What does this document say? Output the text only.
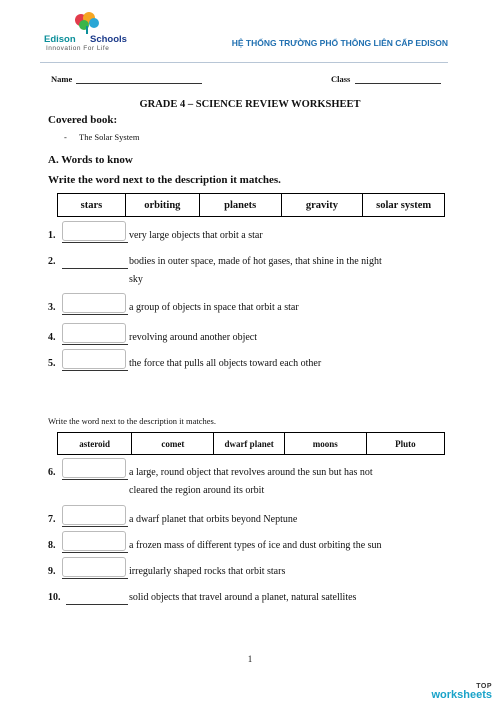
Edison Schools
Innovation For Life
HỆ THỐNG TRƯỜNG PHỔ THÔNG LIÊN CẤP EDISON
Name	Class
GRADE 4 – SCIENCE REVIEW WORKSHEET
Covered book:
- The Solar System
A. Words to know
Write the word next to the description it matches.
stars	orbiting	planets	gravity	solar system
1.	very large objects that orbit a star
2.	bodies in outer space, made of hot gases, that shine in the night
sky
3.	a group of objects in space that orbit a star
4.	revolving around another object
5.	the force that pulls all objects toward each other
Write the word next to the description it matches.
asteroid	comet	dwarf planet	moons	Pluto
6.	a large, round object that revolves around the sun but has not
cleared the region around its orbit
7.	a dwarf planet that orbits beyond Neptune
8.	a frozen mass of different types of ice and dust orbiting the sun
9.	irregularly shaped rocks that orbit stars
10.	solid objects that travel around a planet, natural satellites
1
TOP
worksheets
